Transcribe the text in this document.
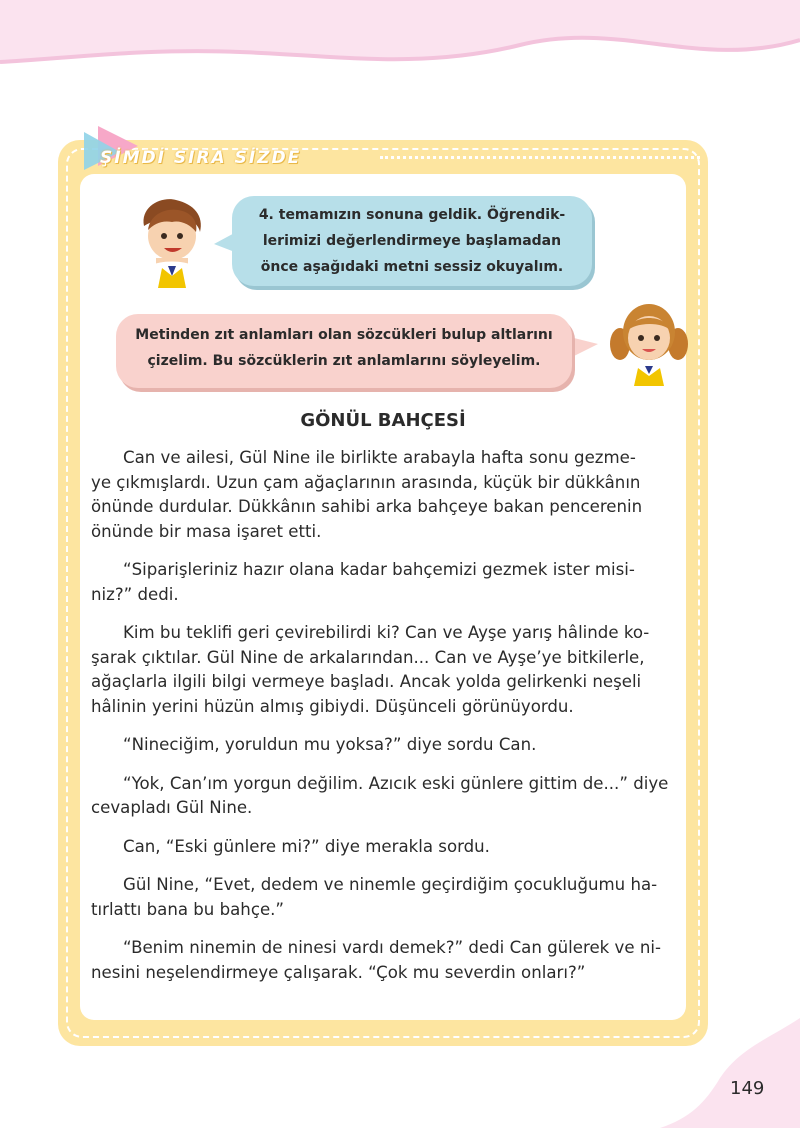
ŞİMDİ SIRA SİZDE
4. temamızın sonuna geldik. Öğrendik-
lerimizi değerlendirmeye başlamadan
önce aşağıdaki metni sessiz okuyalım.
Metinden zıt anlamları olan sözcükleri bulup altlarını
çizelim. Bu sözcüklerin zıt anlamlarını söyleyelim.
GÖNÜL BAHÇESİ

Can ve ailesi, Gül Nine ile birlikte arabayla hafta sonu gezme-
ye çıkmışlardı. Uzun çam ağaçlarının arasında, küçük bir dükkânın
önünde durdular. Dükkânın sahibi arka bahçeye bakan pencerenin
önünde bir masa işaret etti.

“Siparişleriniz hazır olana kadar bahçemizi gezmek ister misi-
niz?” dedi.

Kim bu teklifi geri çevirebilirdi ki? Can ve Ayşe yarış hâlinde ko-
şarak çıktılar. Gül Nine de arkalarından... Can ve Ayşe’ye bitkilerle,
ağaçlarla ilgili bilgi vermeye başladı. Ancak yolda gelirkenki neşeli
hâlinin yerini hüzün almış gibiydi. Düşünceli görünüyordu.

“Nineciğim, yoruldun mu yoksa?” diye sordu Can.

“Yok, Can’ım yorgun değilim. Azıcık eski günlere gittim de...” diye
cevapladı Gül Nine.

Can, “Eski günlere mi?” diye merakla sordu.

Gül Nine, “Evet, dedem ve ninemle geçirdiğim çocukluğumu ha-
tırlattı bana bu bahçe.”

“Benim ninemin de ninesi vardı demek?” dedi Can gülerek ve ni-
nesini neşelendirmeye çalışarak. “Çok mu severdin onları?”

149
